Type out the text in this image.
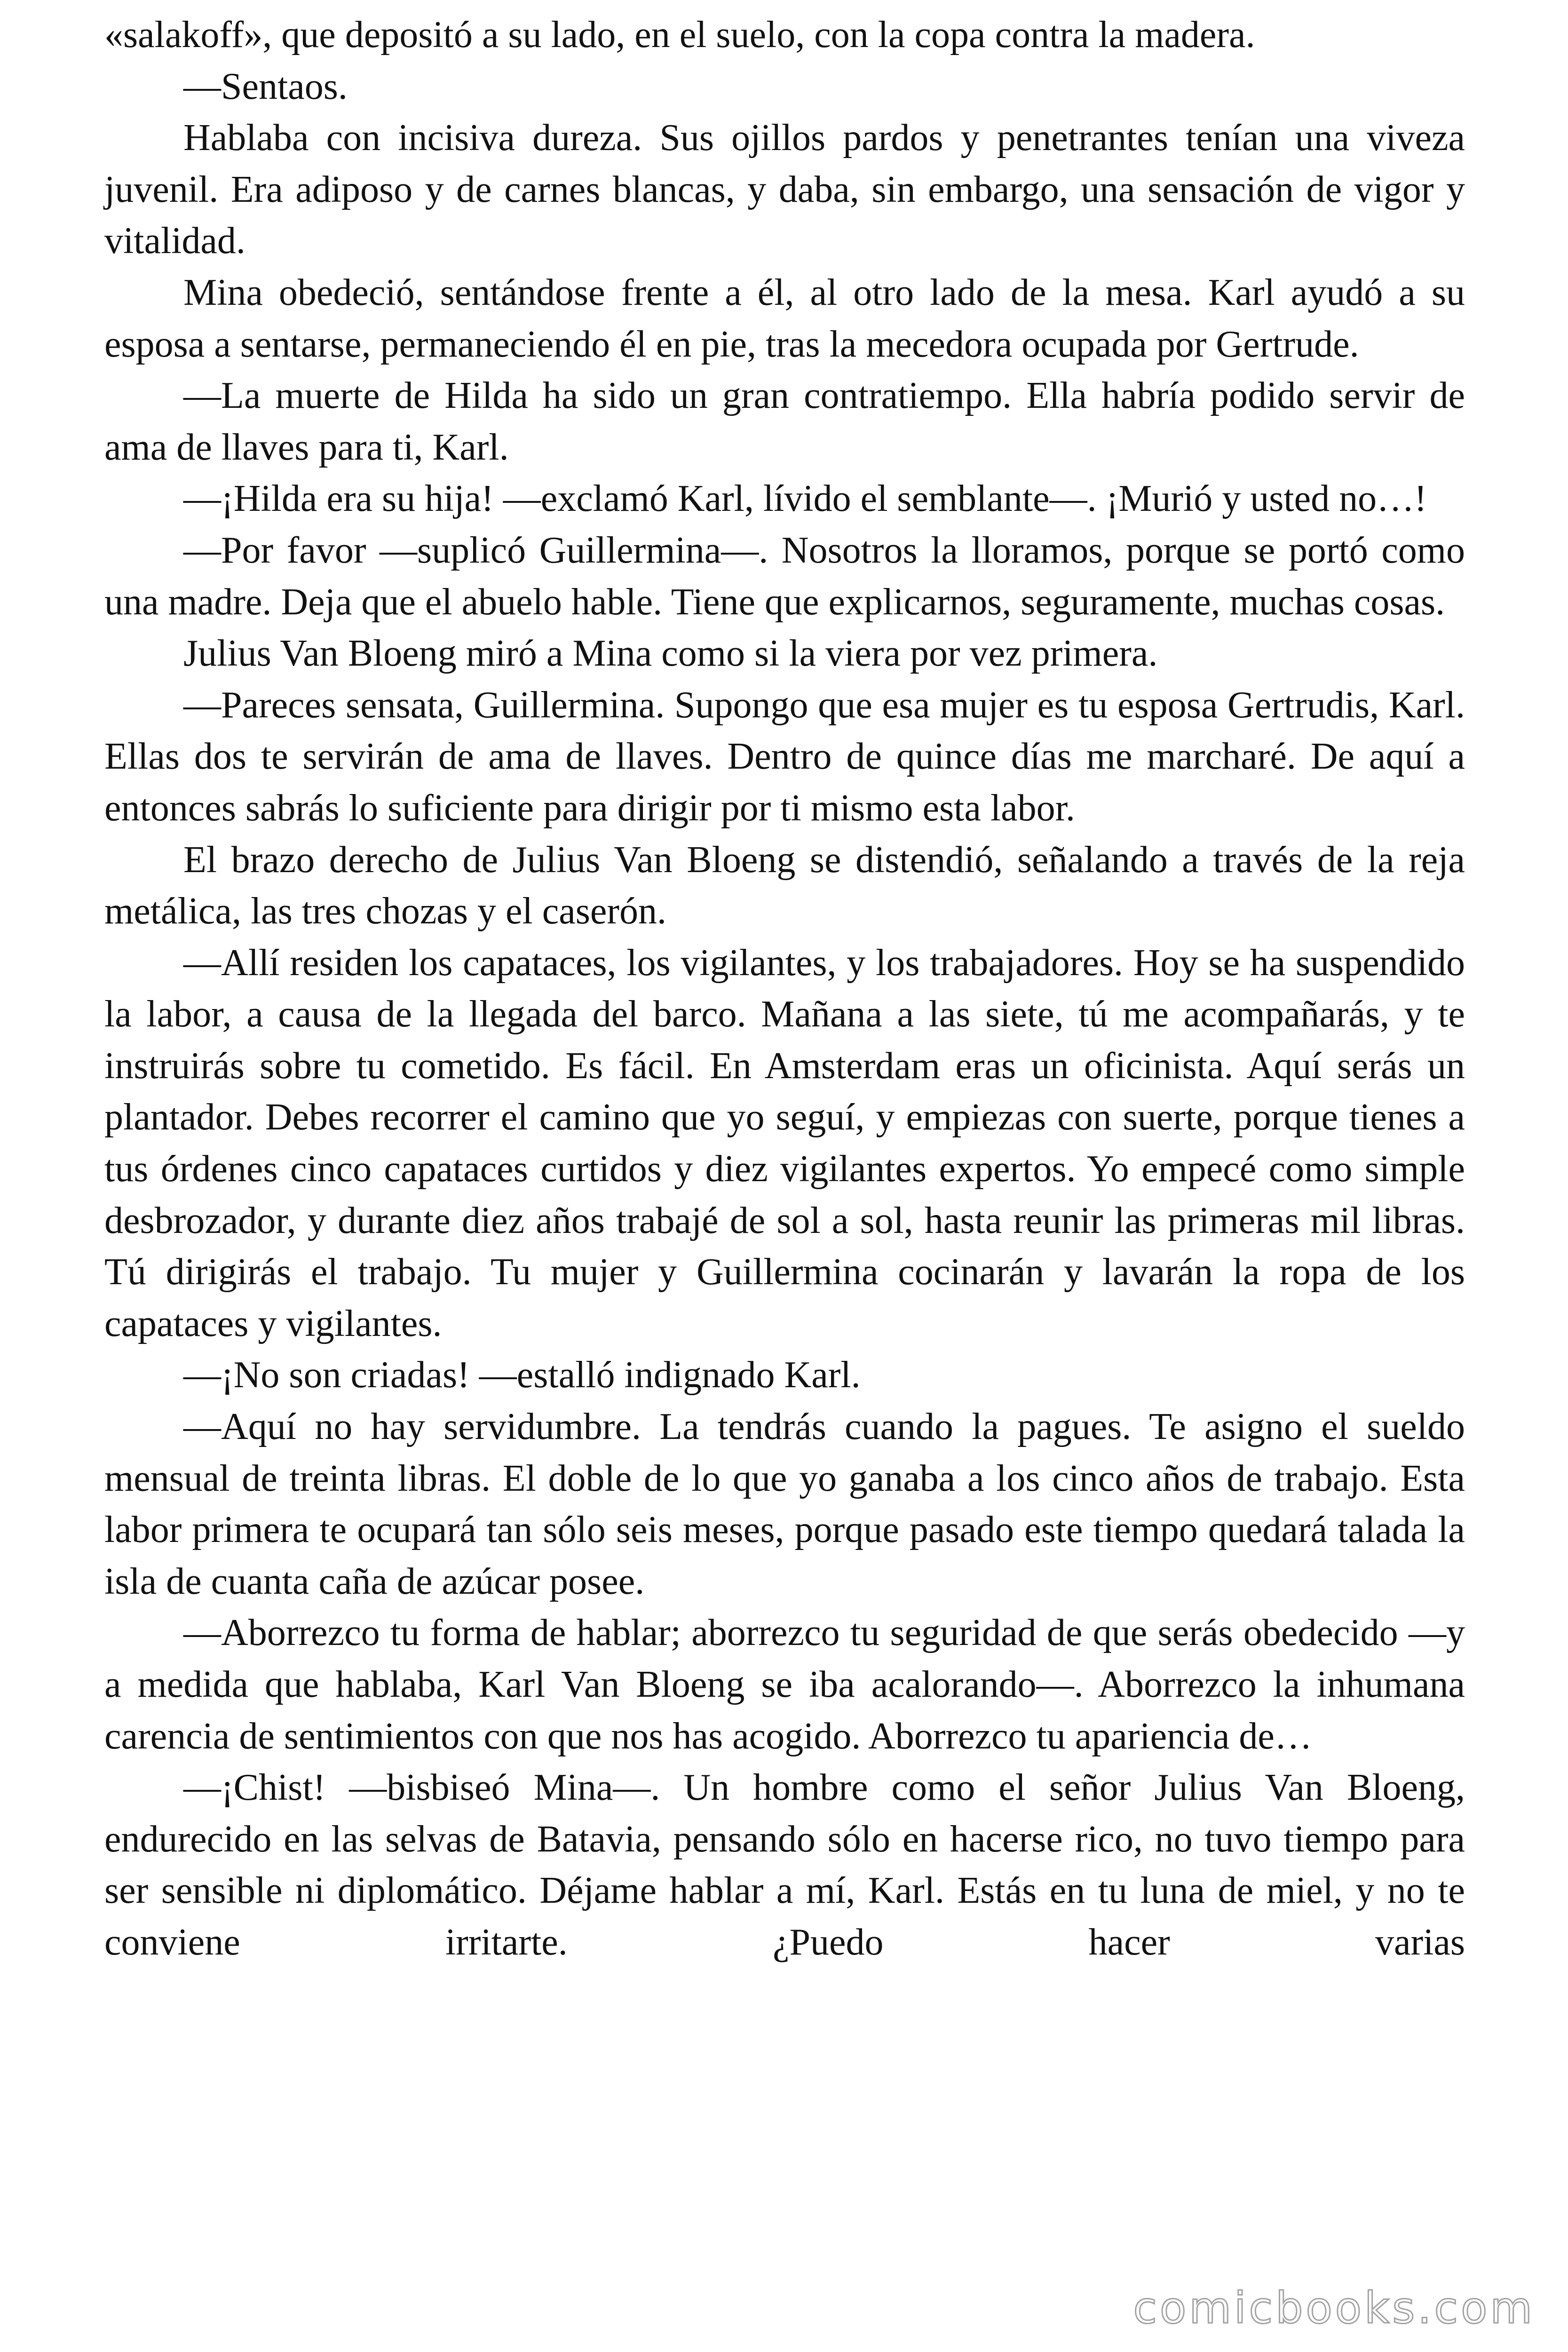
«salakoff», que depositó a su lado, en el suelo, con la copa contra la madera.

—Sentaos.

Hablaba con incisiva dureza. Sus ojillos pardos y penetrantes tenían una viveza juvenil. Era adiposo y de carnes blancas, y daba, sin embargo, una sensación de vigor y vitalidad.

Mina obedeció, sentándose frente a él, al otro lado de la mesa. Karl ayudó a su esposa a sentarse, permaneciendo él en pie, tras la mecedora ocupada por Gertrude.

—La muerte de Hilda ha sido un gran contratiempo. Ella habría podido servir de ama de llaves para ti, Karl.

—¡Hilda era su hija! —exclamó Karl, lívido el semblante—. ¡Murió y usted no…!

—Por favor —suplicó Guillermina—. Nosotros la lloramos, porque se portó como una madre. Deja que el abuelo hable. Tiene que explicarnos, seguramente, muchas cosas.

Julius Van Bloeng miró a Mina como si la viera por vez primera.

—Pareces sensata, Guillermina. Supongo que esa mujer es tu esposa Gertrudis, Karl. Ellas dos te servirán de ama de llaves. Dentro de quince días me marcharé. De aquí a entonces sabrás lo suficiente para dirigir por ti mismo esta labor.

El brazo derecho de Julius Van Bloeng se distendió, señalando a través de la reja metálica, las tres chozas y el caserón.

—Allí residen los capataces, los vigilantes, y los trabajadores. Hoy se ha suspendido la labor, a causa de la llegada del barco. Mañana a las siete, tú me acompañarás, y te instruirás sobre tu cometido. Es fácil. En Amsterdam eras un oficinista. Aquí serás un plantador. Debes recorrer el camino que yo seguí, y empiezas con suerte, porque tienes a tus órdenes cinco capataces curtidos y diez vigilantes expertos. Yo empecé como simple desbrozador, y durante diez años trabajé de sol a sol, hasta reunir las primeras mil libras. Tú dirigirás el trabajo. Tu mujer y Guillermina cocinarán y lavarán la ropa de los capataces y vigilantes.

—¡No son criadas! —estalló indignado Karl.

—Aquí no hay servidumbre. La tendrás cuando la pagues. Te asigno el sueldo mensual de treinta libras. El doble de lo que yo ganaba a los cinco años de trabajo. Esta labor primera te ocupará tan sólo seis meses, porque pasado este tiempo quedará talada la isla de cuanta caña de azúcar posee.

—Aborrezco tu forma de hablar; aborrezco tu seguridad de que serás obedecido —y a medida que hablaba, Karl Van Bloeng se iba acalorando—. Aborrezco la inhumana carencia de sentimientos con que nos has acogido. Aborrezco tu apariencia de…

—¡Chist! —bisbiseó Mina—. Un hombre como el señor Julius Van Bloeng, endurecido en las selvas de Batavia, pensando sólo en hacerse rico, no tuvo tiempo para ser sensible ni diplomático. Déjame hablar a mí, Karl. Estás en tu luna de miel, y no te conviene irritarte. ¿Puedo hacer varias

comicbooks.com
